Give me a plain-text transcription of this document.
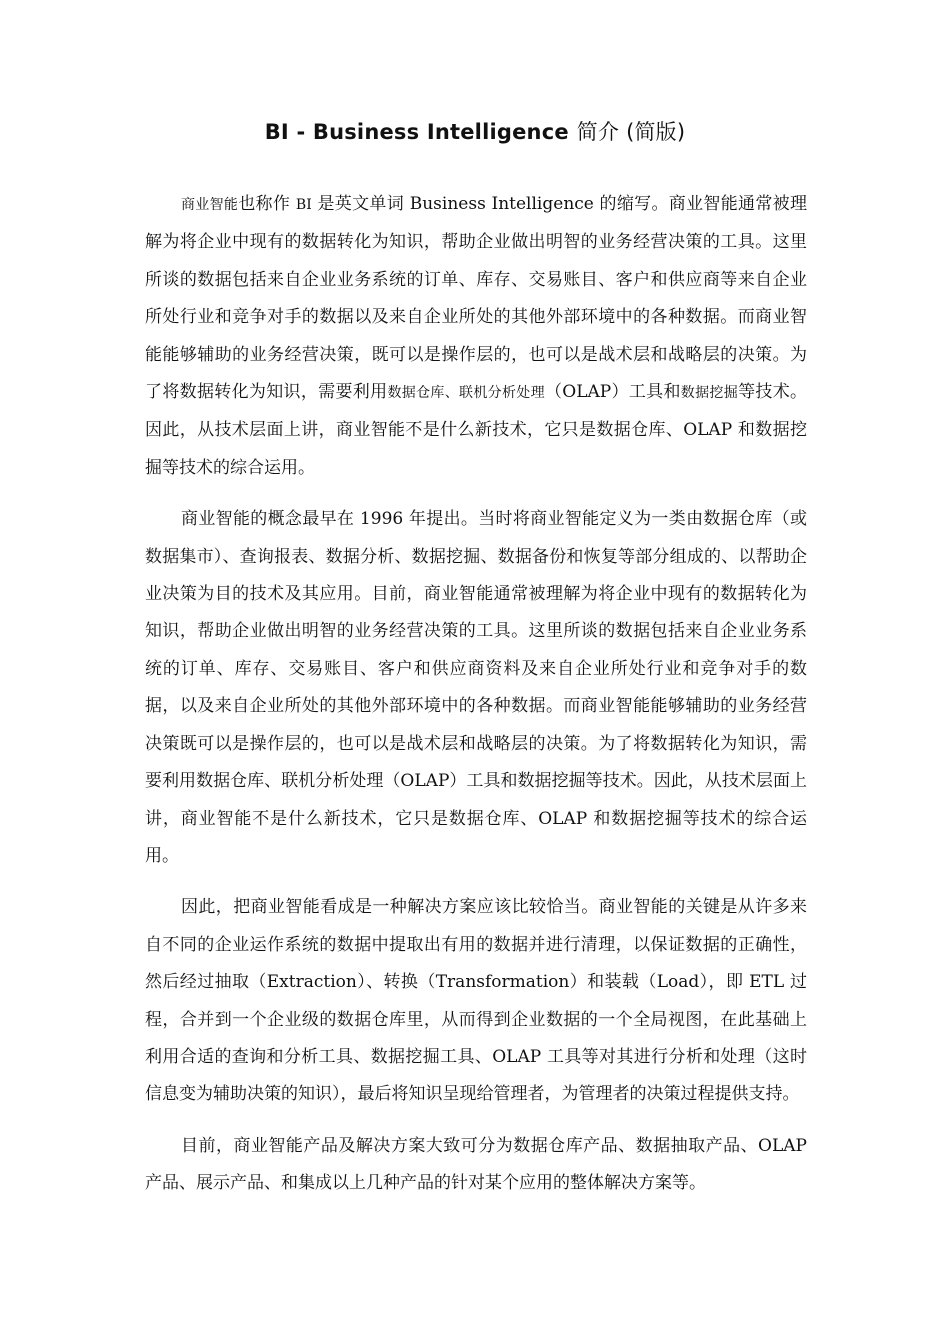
BI - Business Intelligence 简介 (简版)

商业智能也称作 BI 是英文单词 Business Intelligence 的缩写。商业智能通常被理解为将企业中现有的数据转化为知识，帮助企业做出明智的业务经营决策的工具。这里所谈的数据包括来自企业业务系统的订单、库存、交易账目、客户和供应商等来自企业所处行业和竞争对手的数据以及来自企业所处的其他外部环境中的各种数据。而商业智能能够辅助的业务经营决策，既可以是操作层的，也可以是战术层和战略层的决策。为了将数据转化为知识，需要利用数据仓库、联机分析处理（OLAP）工具和数据挖掘等技术。因此，从技术层面上讲，商业智能不是什么新技术，它只是数据仓库、OLAP 和数据挖掘等技术的综合运用。

商业智能的概念最早在 1996 年提出。当时将商业智能定义为一类由数据仓库（或数据集市）、查询报表、数据分析、数据挖掘、数据备份和恢复等部分组成的、以帮助企业决策为目的技术及其应用。目前，商业智能通常被理解为将企业中现有的数据转化为知识，帮助企业做出明智的业务经营决策的工具。这里所谈的数据包括来自企业业务系统的订单、库存、交易账目、客户和供应商资料及来自企业所处行业和竞争对手的数据，以及来自企业所处的其他外部环境中的各种数据。而商业智能能够辅助的业务经营决策既可以是操作层的，也可以是战术层和战略层的决策。为了将数据转化为知识，需要利用数据仓库、联机分析处理（OLAP）工具和数据挖掘等技术。因此，从技术层面上讲，商业智能不是什么新技术，它只是数据仓库、OLAP 和数据挖掘等技术的综合运用。

因此，把商业智能看成是一种解决方案应该比较恰当。商业智能的关键是从许多来自不同的企业运作系统的数据中提取出有用的数据并进行清理，以保证数据的正确性，然后经过抽取（Extraction）、转换（Transformation）和装载（Load），即 ETL 过程，合并到一个企业级的数据仓库里，从而得到企业数据的一个全局视图，在此基础上利用合适的查询和分析工具、数据挖掘工具、OLAP 工具等对其进行分析和处理（这时信息变为辅助决策的知识），最后将知识呈现给管理者，为管理者的决策过程提供支持。

目前，商业智能产品及解决方案大致可分为数据仓库产品、数据抽取产品、OLAP 产品、展示产品、和集成以上几种产品的针对某个应用的整体解决方案等。
